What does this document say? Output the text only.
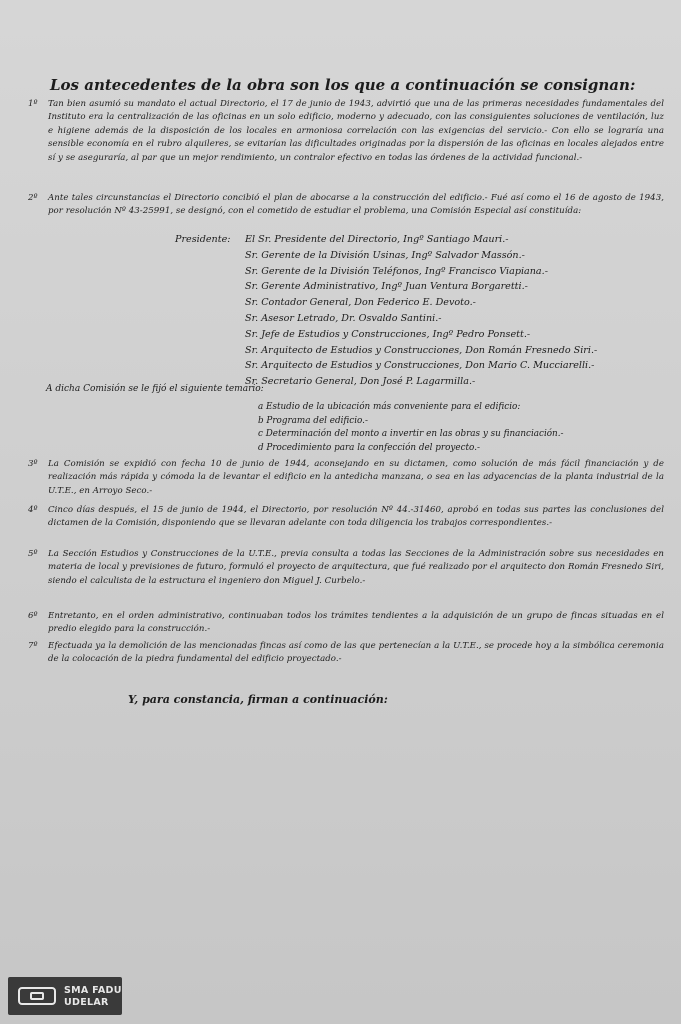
Los antecedentes de la obra son los que a continuación se consignan:
1º	Tan bien asumió su mandato el actual Directorio, el 17 de junio de 1943, advirtió que una de las primeras necesidades fundamentales del Instituto era la centralización de las oficinas en un solo edificio, moderno y adecuado, con las consiguientes soluciones de ventilación, luz e higiene además de la disposición de los locales en armoniosa correlación con las exigencias del servicio.- Con ello se lograría una sensible economía en el rubro alquileres, se evitarían las dificultades originadas por la dispersión de las oficinas en locales alejados entre sí y se aseguraría, al par que un mejor rendimiento, un contralor efectivo en todas las órdenes de la actividad funcional.-
2º	Ante tales circunstancias el Directorio concibió el plan de abocarse a la construcción del edificio.- Fué así como el 16 de agosto de 1943, por resolución Nº 43-25991, se designó, con el cometido de estudiar el problema, una Comisión Especial así constituída:
Presidente: El Sr. Presidente del Directorio, Ingº Santiago Mauri.-
Sr. Gerente de la División Usinas, Ingº Salvador Massón.-
Sr. Gerente de la División Teléfonos, Ingº Francisco Viapiana.-
Sr. Gerente Administrativo, Ingº Juan Ventura Borgaretti.-
Sr. Contador General, Don Federico E. Devoto.-
Sr. Asesor Letrado, Dr. Osvaldo Santini.-
Sr. Jefe de Estudios y Construcciones, Ingº Pedro Ponsett.-
Sr. Arquitecto de Estudios y Construcciones, Don Román Fresnedo Siri.-
Sr. Arquitecto de Estudios y Construcciones, Don Mario C. Mucciarelli.-
Sr. Secretario General, Don José P. Lagarmilla.-
A dicha Comisión se le fijó el siguiente temario:
a Estudio de la ubicación más conveniente para el edificio:
b Programa del edificio.-
c Determinación del monto a invertir en las obras y su financiación.-
d Procedimiento para la confección del proyecto.-
3º	La Comisión se expidió con fecha 10 de junio de 1944, aconsejando en su dictamen, como solución de más fácil financiación y de realización más rápida y cómoda la de levantar el edificio en la antedicha manzana, o sea en las adyacencias de la planta industrial de la U.T.E., en Arroyo Seco.-
4º	Cinco días después, el 15 de junio de 1944, el Directorio, por resolución Nº 44.-31460, aprobó en todas sus partes las conclusiones del dictamen de la Comisión, disponiendo que se llevaran adelante con toda diligencia los trabajos correspondientes.-
5º	La Sección Estudios y Construcciones de la U.T.E., previa consulta a todas las Secciones de la Administración sobre sus necesidades en materia de local y previsiones de futuro, formuló el proyecto de arquitectura, que fué realizado por el arquitecto don Román Fresnedo Siri, siendo el calculista de la estructura el ingeniero don Miguel J. Curbelo.-
6º	Entretanto, en el orden administrativo, continuaban todos los trámites tendientes a la adquisición de un grupo de fincas situadas en el predio elegido para la construcción.-
7º	Efectuada ya la demolición de las mencionadas fincas así como de las que pertenecían a la U.T.E., se procede hoy a la simbólica ceremonia de la colocación de la piedra fundamental del edificio proyectado.-
Y, para constancia, firman a continuación:
SMA FADU
UDELAR
